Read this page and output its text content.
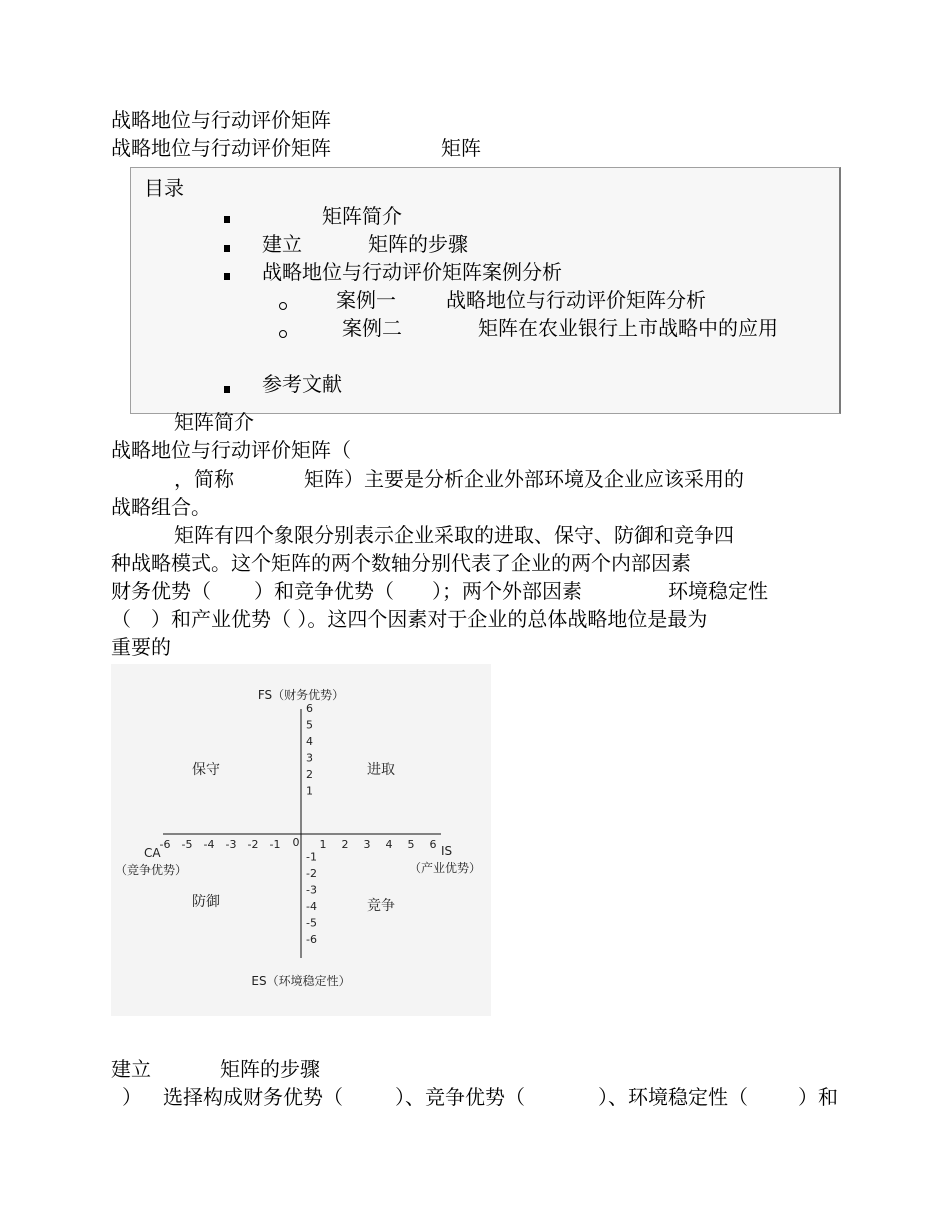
战略地位与行动评价矩阵
战略地位与行动评价矩阵	矩阵
目录
矩阵简介
建立	矩阵的步骤
战略地位与行动评价矩阵案例分析
案例一	战略地位与行动评价矩阵分析
案例二	矩阵在农业银行上市战略中的应用
参考文献
矩阵简介
战略地位与行动评价矩阵（
，简称	矩阵）主要是分析企业外部环境及企业应该采用的
战略组合。
矩阵有四个象限分别表示企业采取的进取、保守、防御和竞争四
种战略模式。这个矩阵的两个数轴分别代表了企业的两个内部因素
财务优势（ ）和竞争优势（ ）；两个外部因素	环境稳定性
（　）和产业优势（ ）。这四个因素对于企业的总体战略地位是最为
重要的
FS（财务优势）
ES（环境稳定性）
CA
（竞争优势）
IS
（产业优势）
保守	进取
防御	竞争
-6 -5 -4 -3 -2 -1 0 1 2 3 4 5 6
6
5
4
3
2
1
-1
-2
-3
-4
-5
-6
建立	矩阵的步骤
） 选择构成财务优势（	）、竞争优势（	）、环境稳定性（	）和
